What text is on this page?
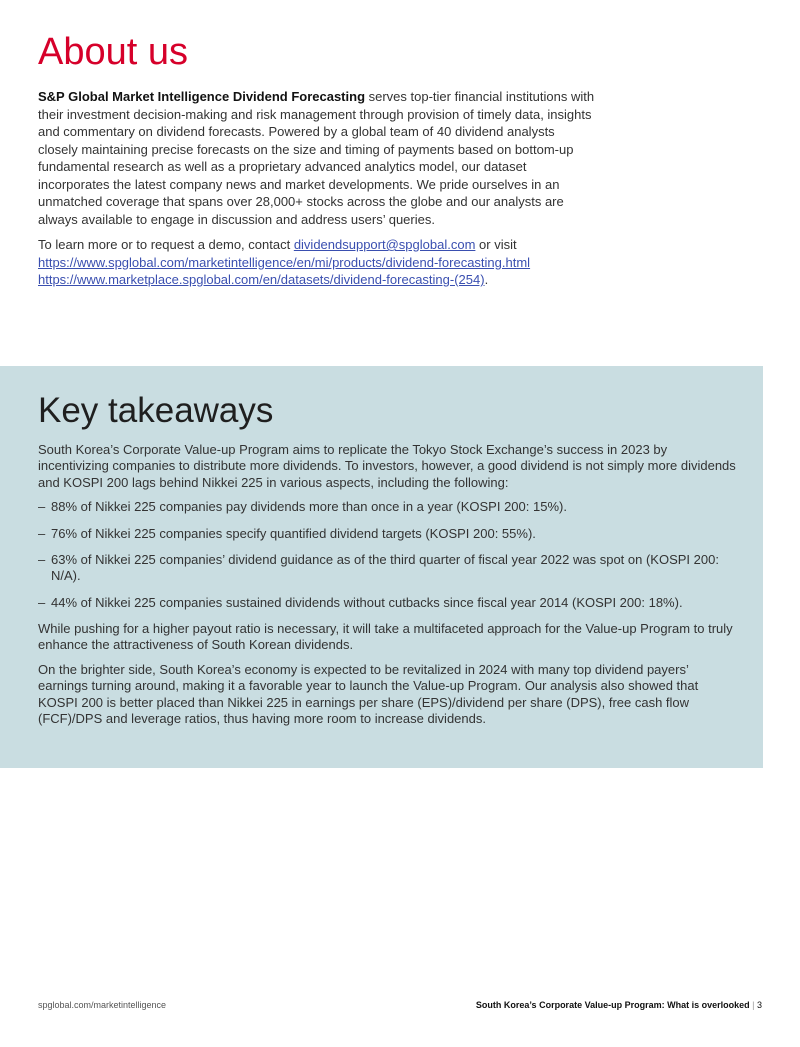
About us

S&P Global Market Intelligence Dividend Forecasting serves top-tier financial institutions with their investment decision-making and risk management through provision of timely data, insights and commentary on dividend forecasts. Powered by a global team of 40 dividend analysts closely maintaining precise forecasts on the size and timing of payments based on bottom-up fundamental research as well as a proprietary advanced analytics model, our dataset incorporates the latest company news and market developments. We pride ourselves in an unmatched coverage that spans over 28,000+ stocks across the globe and our analysts are always available to engage in discussion and address users’ queries.

To learn more or to request a demo, contact dividendsupport@spglobal.com or visit
https://www.spglobal.com/marketintelligence/en/mi/products/dividend-forecasting.html
https://www.marketplace.spglobal.com/en/datasets/dividend-forecasting-(254).

Key takeaways

South Korea’s Corporate Value-up Program aims to replicate the Tokyo Stock Exchange’s success in 2023 by incentivizing companies to distribute more dividends. To investors, however, a good dividend is not simply more dividends and KOSPI 200 lags behind Nikkei 225 in various aspects, including the following:

– 88% of Nikkei 225 companies pay dividends more than once in a year (KOSPI 200: 15%).
– 76% of Nikkei 225 companies specify quantified dividend targets (KOSPI 200: 55%).
– 63% of Nikkei 225 companies’ dividend guidance as of the third quarter of fiscal year 2022 was spot on (KOSPI 200: N/A).
– 44% of Nikkei 225 companies sustained dividends without cutbacks since fiscal year 2014 (KOSPI 200: 18%).

While pushing for a higher payout ratio is necessary, it will take a multifaceted approach for the Value-up Program to truly enhance the attractiveness of South Korean dividends.

On the brighter side, South Korea’s economy is expected to be revitalized in 2024 with many top dividend payers’ earnings turning around, making it a favorable year to launch the Value-up Program. Our analysis also showed that KOSPI 200 is better placed than Nikkei 225 in earnings per share (EPS)/dividend per share (DPS), free cash flow (FCF)/DPS and leverage ratios, thus having more room to increase dividends.

spglobal.com/marketintelligence	South Korea’s Corporate Value-up Program: What is overlooked | 3
